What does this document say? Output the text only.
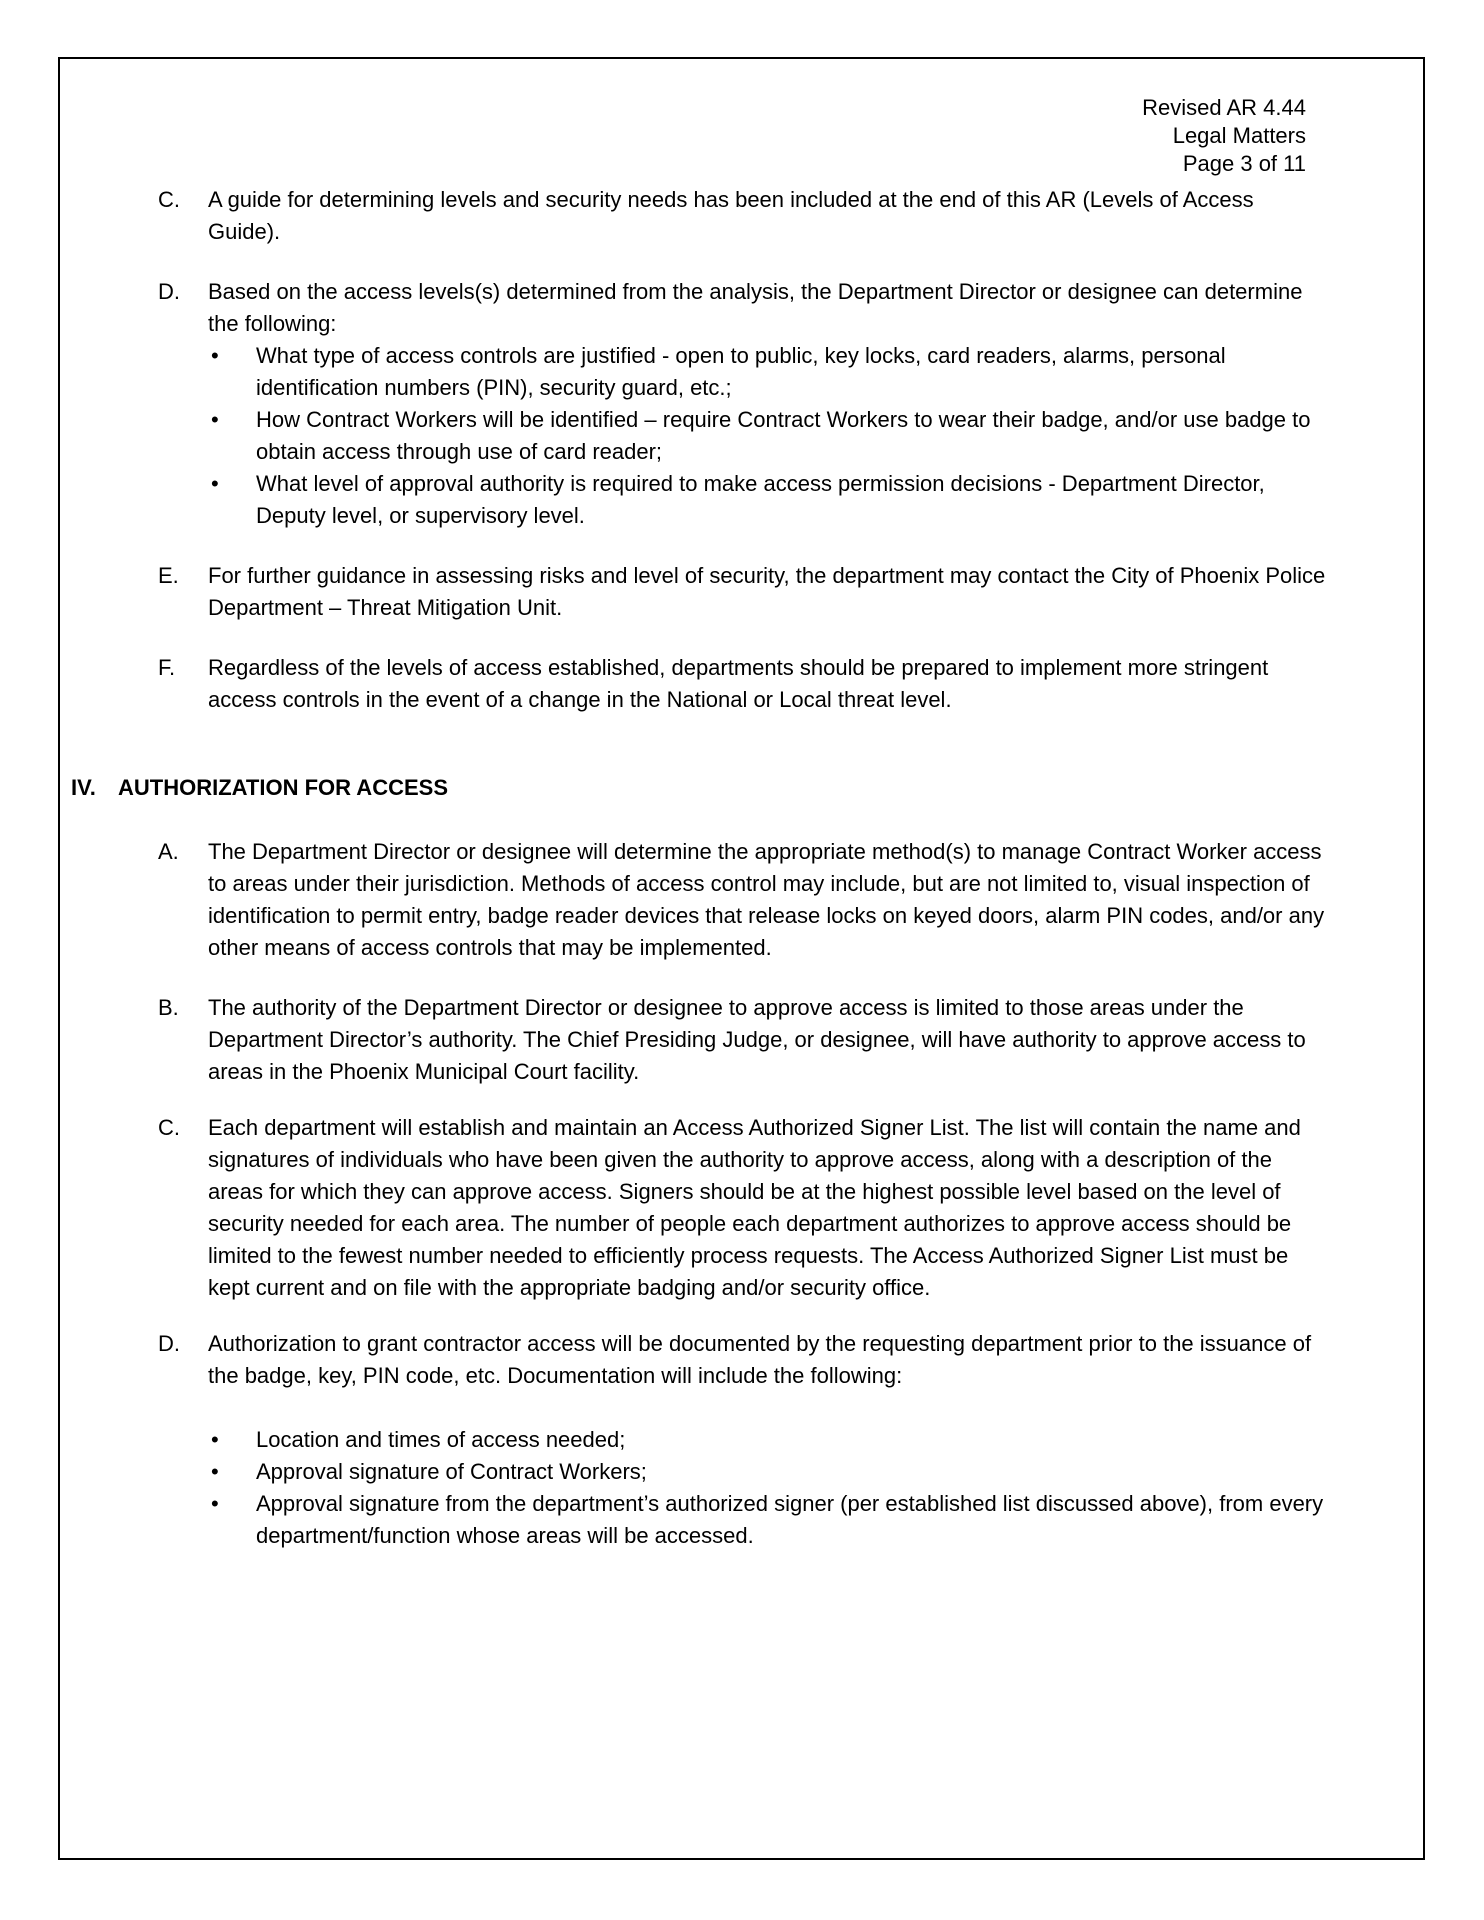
Revised AR 4.44
Legal Matters
Page 3 of 11
C. A guide for determining levels and security needs has been included at the end of this AR (Levels of Access Guide).
D. Based on the access levels(s) determined from the analysis, the Department Director or designee can determine the following:
• What type of access controls are justified - open to public, key locks, card readers, alarms, personal identification numbers (PIN), security guard, etc.;
• How Contract Workers will be identified – require Contract Workers to wear their badge, and/or use badge to obtain access through use of card reader;
• What level of approval authority is required to make access permission decisions - Department Director, Deputy level, or supervisory level.
E. For further guidance in assessing risks and level of security, the department may contact the City of Phoenix Police Department – Threat Mitigation Unit.
F. Regardless of the levels of access established, departments should be prepared to implement more stringent access controls in the event of a change in the National or Local threat level.
IV. AUTHORIZATION FOR ACCESS
A. The Department Director or designee will determine the appropriate method(s) to manage Contract Worker access to areas under their jurisdiction. Methods of access control may include, but are not limited to, visual inspection of identification to permit entry, badge reader devices that release locks on keyed doors, alarm PIN codes, and/or any other means of access controls that may be implemented.
B. The authority of the Department Director or designee to approve access is limited to those areas under the Department Director’s authority. The Chief Presiding Judge, or designee, will have authority to approve access to areas in the Phoenix Municipal Court facility.
C. Each department will establish and maintain an Access Authorized Signer List. The list will contain the name and signatures of individuals who have been given the authority to approve access, along with a description of the areas for which they can approve access. Signers should be at the highest possible level based on the level of security needed for each area. The number of people each department authorizes to approve access should be limited to the fewest number needed to efficiently process requests. The Access Authorized Signer List must be kept current and on file with the appropriate badging and/or security office.
D. Authorization to grant contractor access will be documented by the requesting department prior to the issuance of the badge, key, PIN code, etc. Documentation will include the following:
• Location and times of access needed;
• Approval signature of Contract Workers;
• Approval signature from the department’s authorized signer (per established list discussed above), from every department/function whose areas will be accessed.
